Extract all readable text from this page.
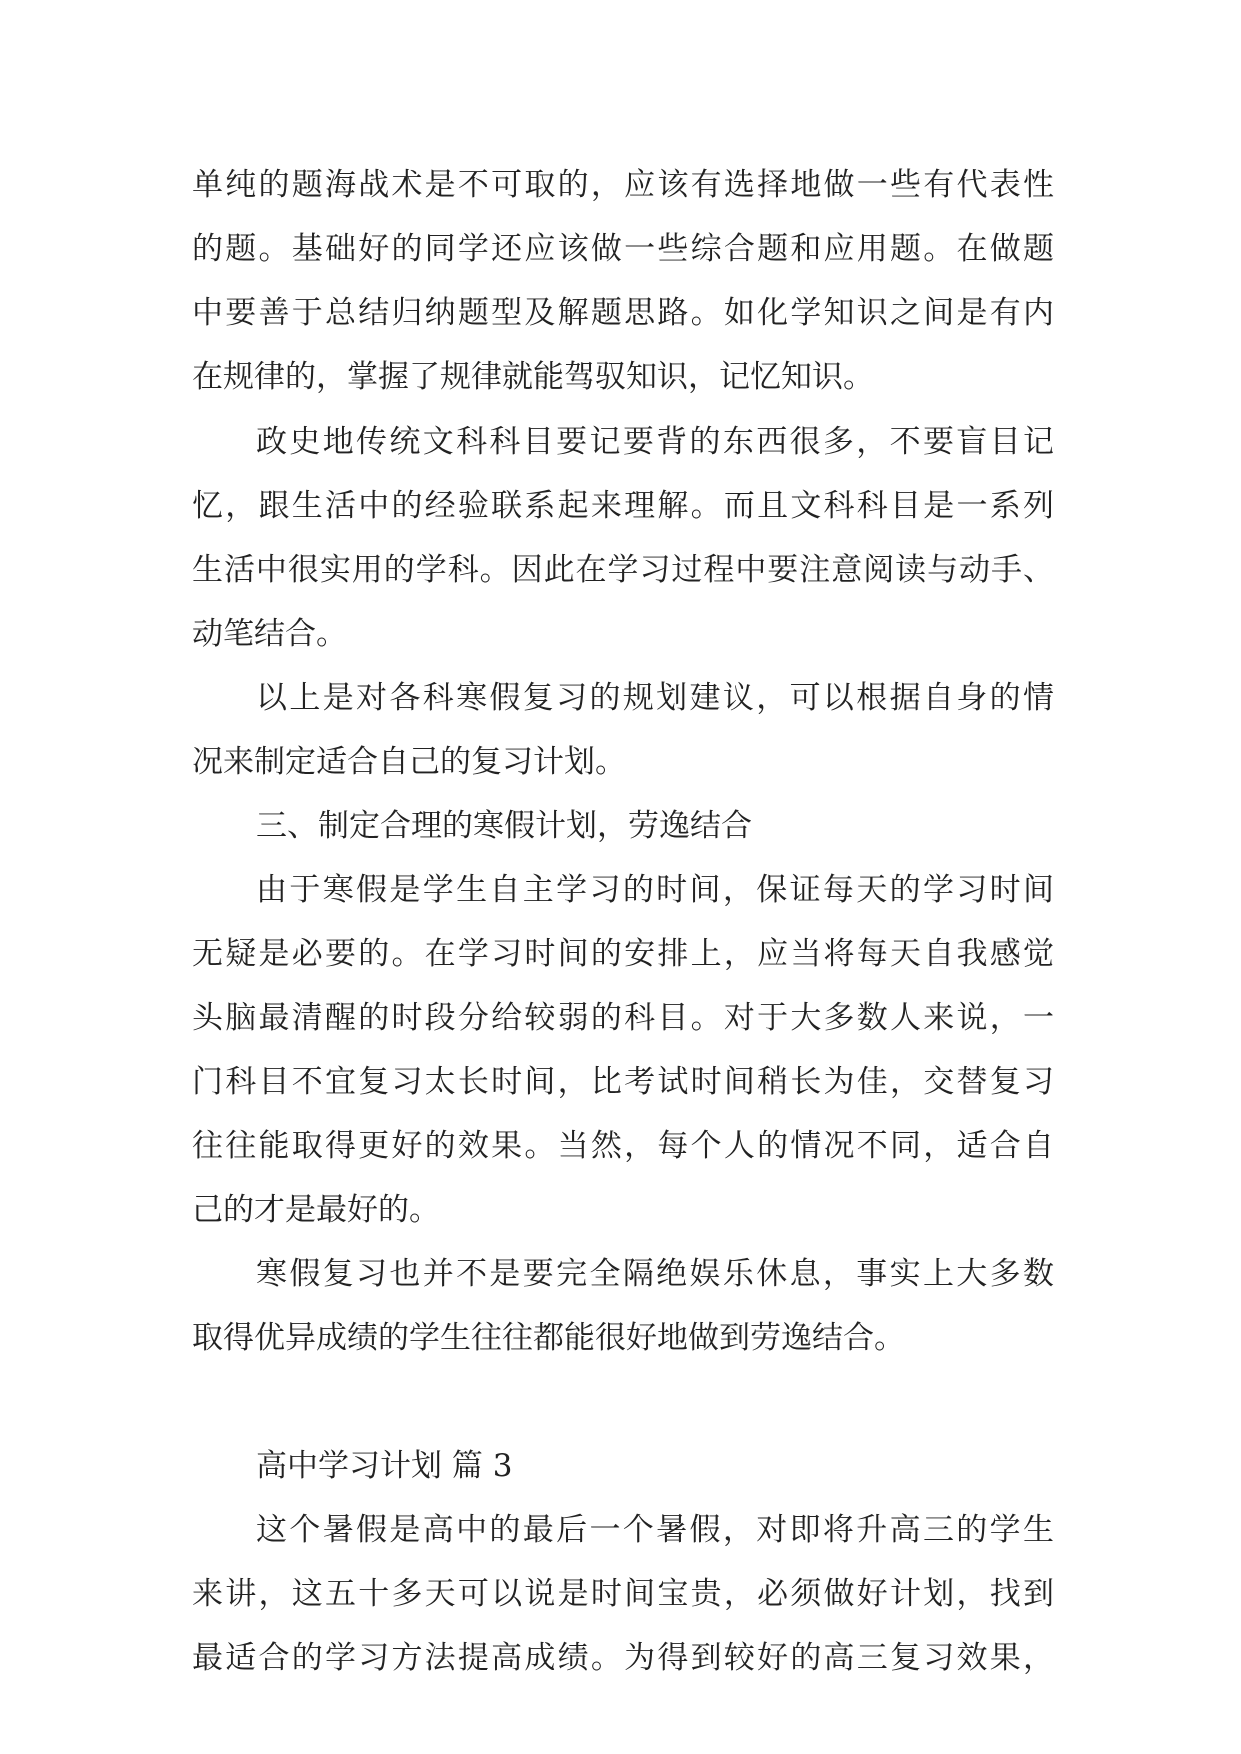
单纯的题海战术是不可取的，应该有选择地做一些有代表性
的题。基础好的同学还应该做一些综合题和应用题。在做题
中要善于总结归纳题型及解题思路。如化学知识之间是有内
在规律的，掌握了规律就能驾驭知识，记忆知识。
政史地传统文科科目要记要背的东西很多，不要盲目记
忆，跟生活中的经验联系起来理解。而且文科科目是一系列
生活中很实用的学科。因此在学习过程中要注意阅读与动手、
动笔结合。
以上是对各科寒假复习的规划建议，可以根据自身的情
况来制定适合自己的复习计划。
三、制定合理的寒假计划，劳逸结合
由于寒假是学生自主学习的时间，保证每天的学习时间
无疑是必要的。在学习时间的安排上，应当将每天自我感觉
头脑最清醒的时段分给较弱的科目。对于大多数人来说，一
门科目不宜复习太长时间，比考试时间稍长为佳，交替复习
往往能取得更好的效果。当然，每个人的情况不同，适合自
己的才是最好的。
寒假复习也并不是要完全隔绝娱乐休息，事实上大多数
取得优异成绩的学生往往都能很好地做到劳逸结合。
高中学习计划 篇 3
这个暑假是高中的最后一个暑假，对即将升高三的学生
来讲，这五十多天可以说是时间宝贵，必须做好计划，找到
最适合的学习方法提高成绩。为得到较好的高三复习效果，
